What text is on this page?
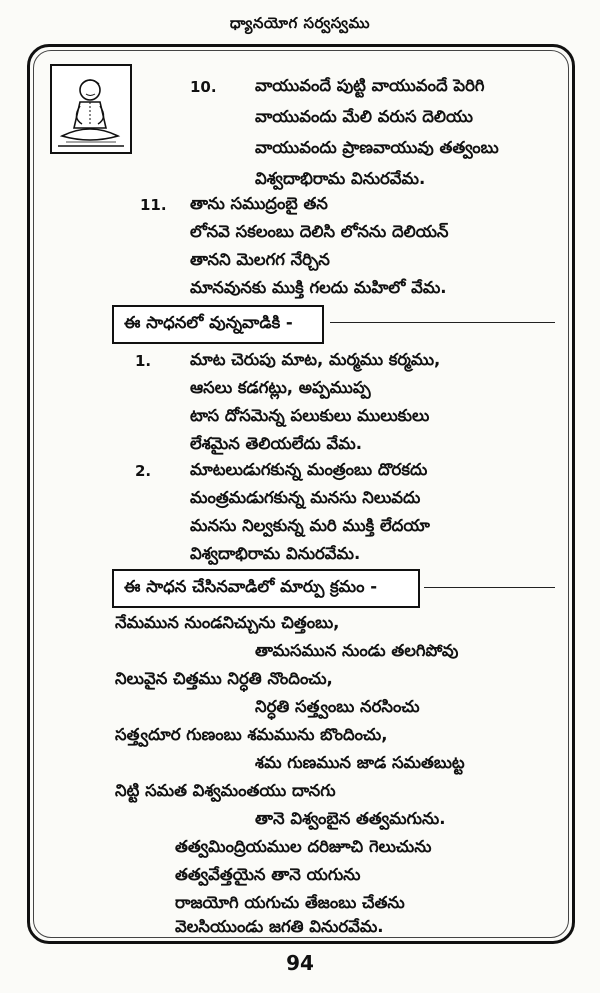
ధ్యానయోగ సర్వస్వము
10. వాయువందే పుట్టి వాయువందే పెరిగి
వాయువందు మేలి వరుస దెలియు
వాయువందు ప్రాణవాయువు తత్వంబు
విశ్వదాభిరామ వినురవేమ.
11. తాను సముద్రంబై తన
లోనవె సకలంబు దెలిసి లోనను దెలియన్
తానని మెలగగ నేర్చిన
మానవునకు ముక్తి గలదు మహిలో వేమ.
ఈ సాధనలో వున్నవాడికి -
1. మాట చెరుపు మాట, మర్మము కర్మము,
ఆసలు కడగట్లు, అప్పముప్ప
టాస దోసమెన్న పలుకులు ములుకులు
లేశమైన తెలియలేదు వేమ.
2. మాటలుడుగకున్న మంత్రంబు దొరకదు
మంత్రమడుగకున్న మనసు నిలువదు
మనసు నిల్వకున్న మరి ముక్తి లేదయా
విశ్వదాభిరామ వినురవేమ.
ఈ సాధన చేసినవాడిలో మార్పు క్రమం -
నేమమున నుండనిచ్చును చిత్తంబు,
తామసమున నుండు తలగిపోవు
నిలువైన చిత్తము నిర్ధతి నొందించు,
నిర్ధతి సత్త్వంబు నరసించు
సత్త్వదూర గుణంబు శమమును బొందించు,
శమ గుణమున జాడ సమతబుట్ట
నిట్టి సమత విశ్వమంతయు దానగు
తానె విశ్వంబైన తత్వమగును.
తత్వమింద్రియముల దరిజూచి గెలుచును
తత్వవేత్తయైన తానె యగును
రాజయోగి యగుచు తేజంబు చేతను
వెలసియుండు జగతి వినురవేమ.
94
